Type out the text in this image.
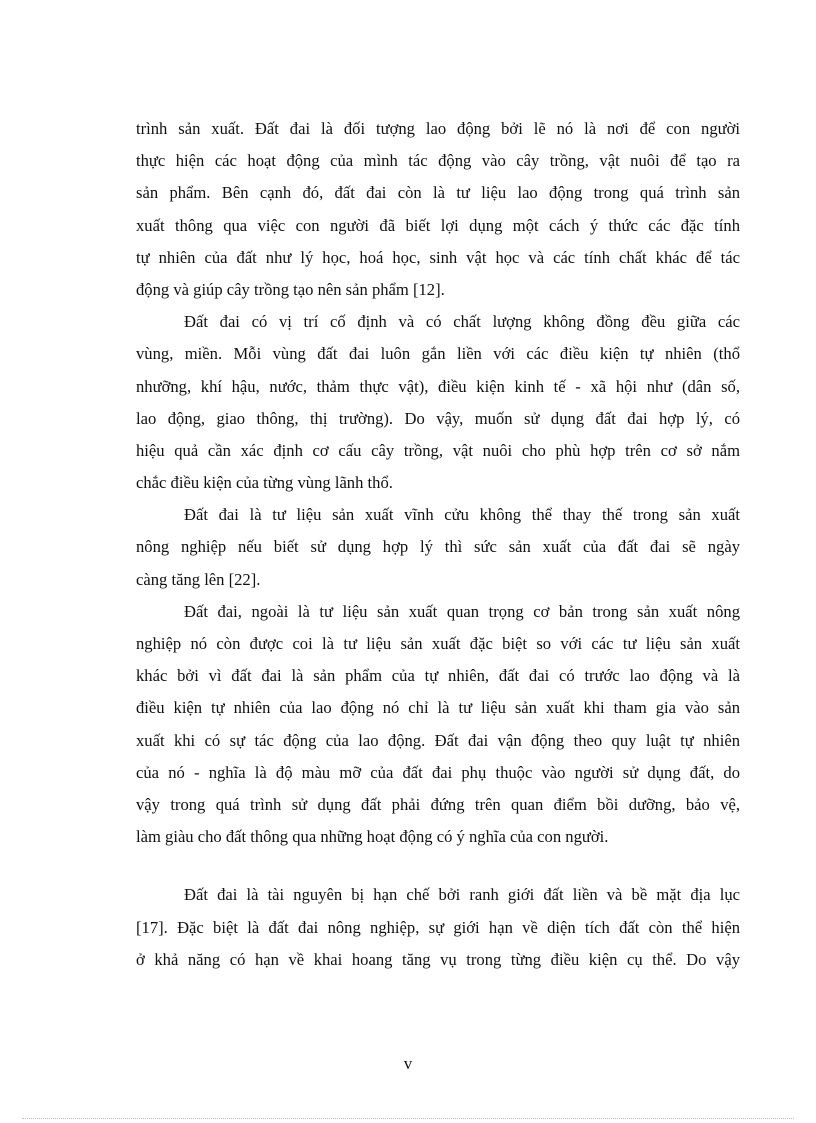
trình sản xuất. Đất đai là đối tượng lao động bởi lẽ nó là nơi để con người
thực hiện các hoạt động của mình tác động vào cây trồng, vật nuôi để tạo ra
sản phẩm. Bên cạnh đó, đất đai còn là tư liệu lao động trong quá trình sản
xuất thông qua việc con người đã biết lợi dụng một cách ý thức các đặc tính
tự nhiên của đất như lý học, hoá học, sinh vật học và các tính chất khác để tác
động và giúp cây trồng tạo nên sản phẩm [12].
Đất đai có vị trí cố định và có chất lượng không đồng đều giữa các
vùng, miền. Mỗi vùng đất đai luôn gắn liền với các điều kiện tự nhiên (thổ
nhưỡng, khí hậu, nước, thảm thực vật), điều kiện kinh tế - xã hội như (dân số,
lao động, giao thông, thị trường). Do vậy, muốn sử dụng đất đai hợp lý, có
hiệu quả cần xác định cơ cấu cây trồng, vật nuôi cho phù hợp trên cơ sở nắm
chắc điều kiện của từng vùng lãnh thổ.
Đất đai là tư liệu sản xuất vĩnh cửu không thể thay thế trong sản xuất
nông nghiệp nếu biết sử dụng hợp lý thì sức sản xuất của đất đai sẽ ngày
càng tăng lên [22].
Đất đai, ngoài là tư liệu sản xuất quan trọng cơ bản trong sản xuất nông
nghiệp nó còn được coi là tư liệu sản xuất đặc biệt so với các tư liệu sản xuất
khác bởi vì đất đai là sản phẩm của tự nhiên, đất đai có trước lao động và là
điều kiện tự nhiên của lao động nó chỉ là tư liệu sản xuất khi tham gia vào sản
xuất khi có sự tác động của lao động. Đất đai vận động theo quy luật tự nhiên
của nó - nghĩa là độ màu mỡ của đất đai phụ thuộc vào người sử dụng đất, do
vậy trong quá trình sử dụng đất phải đứng trên quan điểm bồi dưỡng, bảo vệ,
làm giàu cho đất thông qua những hoạt động có ý nghĩa của con người.
Đất đai là tài nguyên bị hạn chế bởi ranh giới đất liền và bề mặt địa lục
[17]. Đặc biệt là đất đai nông nghiệp, sự giới hạn về diện tích đất còn thể hiện
ở khả năng có hạn về khai hoang tăng vụ trong từng điều kiện cụ thể. Do vậy
v
